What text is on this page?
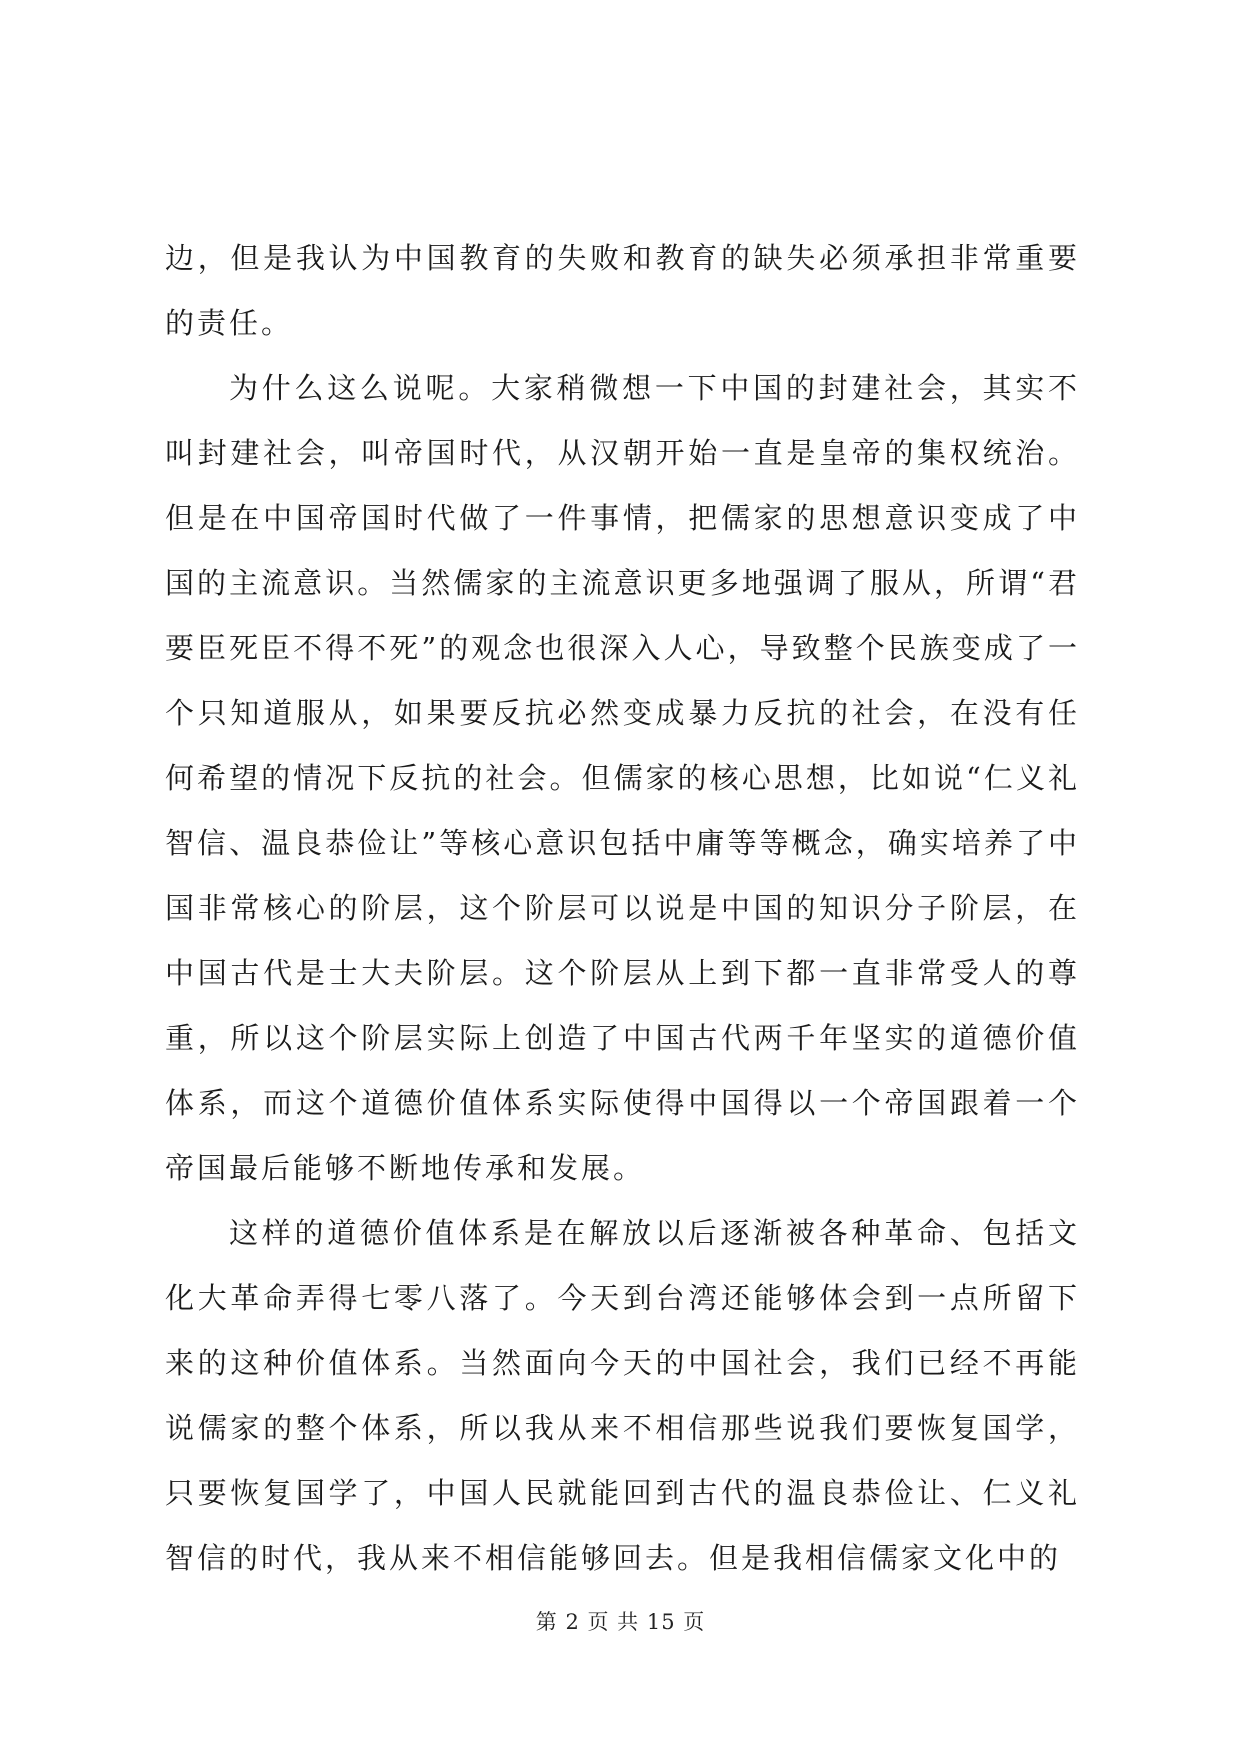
边，但是我认为中国教育的失败和教育的缺失必须承担非常重要的责任。

为什么这么说呢。大家稍微想一下中国的封建社会，其实不叫封建社会，叫帝国时代，从汉朝开始一直是皇帝的集权统治。但是在中国帝国时代做了一件事情，把儒家的思想意识变成了中国的主流意识。当然儒家的主流意识更多地强调了服从，所谓“君要臣死臣不得不死”的观念也很深入人心，导致整个民族变成了一个只知道服从，如果要反抗必然变成暴力反抗的社会，在没有任何希望的情况下反抗的社会。但儒家的核心思想，比如说“仁义礼智信、温良恭俭让”等核心意识包括中庸等等概念，确实培养了中国非常核心的阶层，这个阶层可以说是中国的知识分子阶层，在中国古代是士大夫阶层。这个阶层从上到下都一直非常受人的尊重，所以这个阶层实际上创造了中国古代两千年坚实的道德价值体系，而这个道德价值体系实际使得中国得以一个帝国跟着一个帝国最后能够不断地传承和发展。

这样的道德价值体系是在解放以后逐渐被各种革命、包括文化大革命弄得七零八落了。今天到台湾还能够体会到一点所留下来的这种价值体系。当然面向今天的中国社会，我们已经不再能说儒家的整个体系，所以我从来不相信那些说我们要恢复国学，只要恢复国学了，中国人民就能回到古代的温良恭俭让、仁义礼智信的时代，我从来不相信能够回去。但是我相信儒家文化中的

第 2 页 共 15 页
